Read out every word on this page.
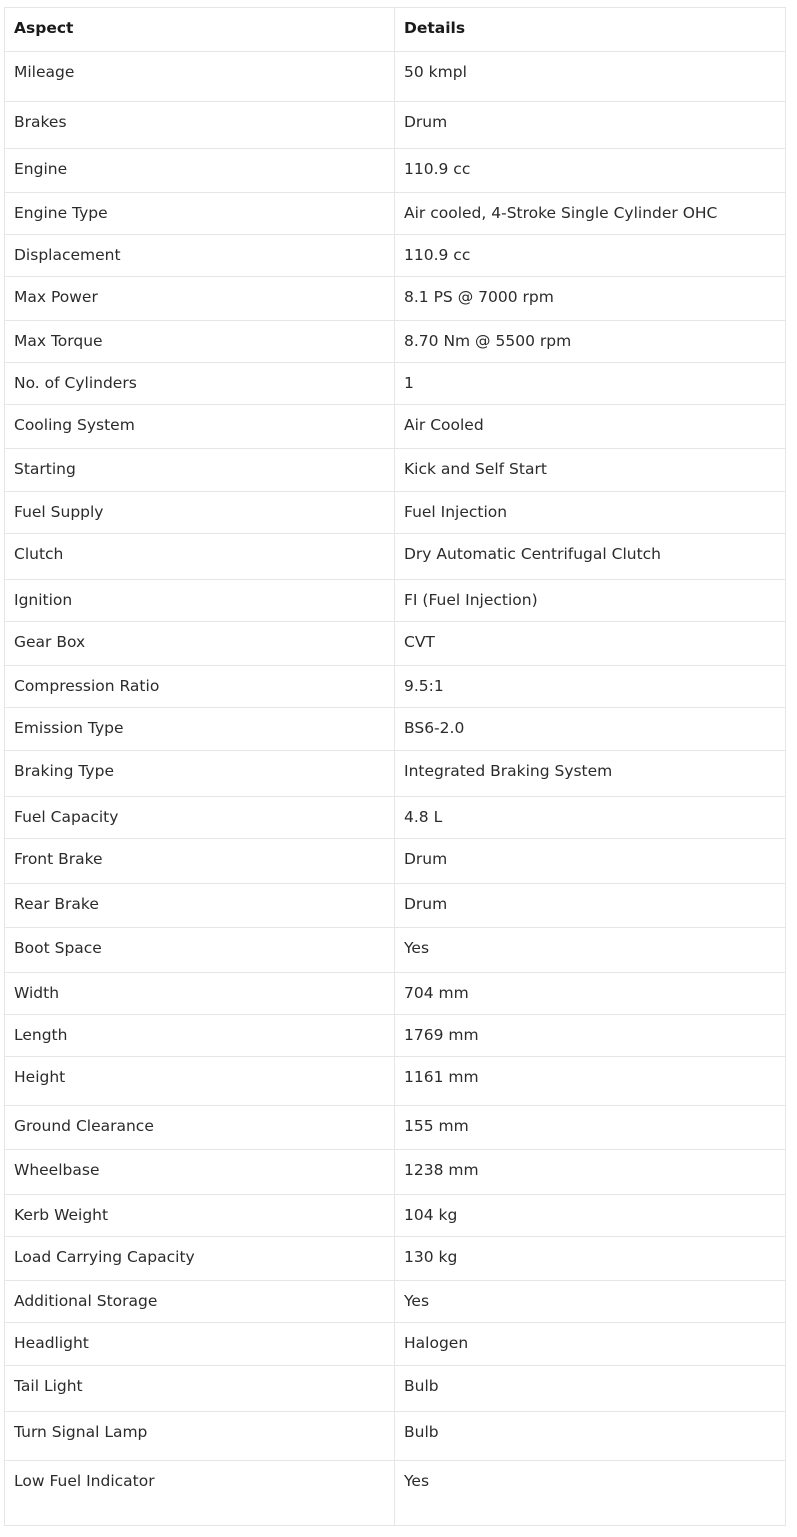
Aspect	Details
Mileage	50 kmpl
Brakes	Drum
Engine	110.9 cc
Engine Type	Air cooled, 4-Stroke Single Cylinder OHC
Displacement	110.9 cc
Max Power	8.1 PS @ 7000 rpm
Max Torque	8.70 Nm @ 5500 rpm
No. of Cylinders	1
Cooling System	Air Cooled
Starting	Kick and Self Start
Fuel Supply	Fuel Injection
Clutch	Dry Automatic Centrifugal Clutch
Ignition	FI (Fuel Injection)
Gear Box	CVT
Compression Ratio	9.5:1
Emission Type	BS6-2.0
Braking Type	Integrated Braking System
Fuel Capacity	4.8 L
Front Brake	Drum
Rear Brake	Drum
Boot Space	Yes
Width	704 mm
Length	1769 mm
Height	1161 mm
Ground Clearance	155 mm
Wheelbase	1238 mm
Kerb Weight	104 kg
Load Carrying Capacity	130 kg
Additional Storage	Yes
Headlight	Halogen
Tail Light	Bulb
Turn Signal Lamp	Bulb
Low Fuel Indicator	Yes
